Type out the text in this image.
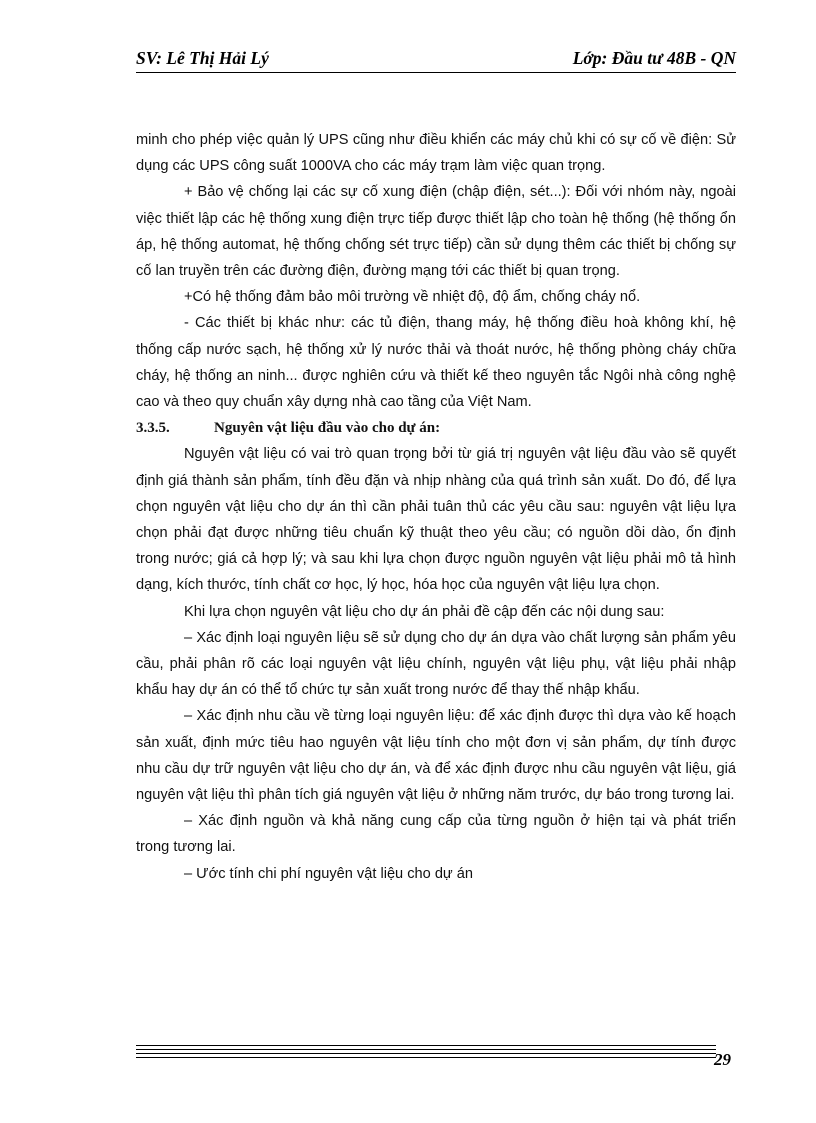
SV: Lê Thị Hải Lý	Lớp: Đầu tư 48B - QN

minh cho phép việc quản lý UPS cũng như điều khiển các máy chủ khi có sự cố về điện: Sử dụng các UPS công suất 1000VA cho các máy trạm làm việc quan trọng.

+ Bảo vệ chống lại các sự cố xung điện (chập điện, sét...): Đối với nhóm này, ngoài việc thiết lập các hệ thống xung điện trực tiếp được thiết lập cho toàn hệ thống (hệ thống ổn áp, hệ thống automat, hệ thống chống sét trực tiếp) cần sử dụng thêm các thiết bị chống sự cố lan truyền trên các đường điện, đường mạng tới các thiết bị quan trọng.

+Có hệ thống đảm bảo môi trường về nhiệt độ, độ ẩm, chống cháy nổ.

- Các thiết bị khác như: các tủ điện, thang máy, hệ thống điều hoà không khí, hệ thống cấp nước sạch, hệ thống xử lý nước thải và thoát nước, hệ thống phòng cháy chữa cháy, hệ thống an ninh... được nghiên cứu và thiết kế theo nguyên tắc Ngôi nhà công nghệ cao và theo quy chuẩn xây dựng nhà cao tầng của Việt Nam.

3.3.5.	Nguyên vật liệu đầu vào cho dự án:

Nguyên vật liệu có vai trò quan trọng bởi từ giá trị nguyên vật liệu đầu vào sẽ quyết định giá thành sản phẩm, tính đều đặn và nhịp nhàng của quá trình sản xuất. Do đó, để lựa chọn nguyên vật liệu cho dự án thì cần phải tuân thủ các yêu cầu sau: nguyên vật liệu lựa chọn phải đạt được những tiêu chuẩn kỹ thuật theo yêu cầu; có nguồn dồi dào, ổn định trong nước; giá cả hợp lý; và sau khi lựa chọn được nguồn nguyên vật liệu phải mô tả hình dạng, kích thước, tính chất cơ học, lý học, hóa học của nguyên vật liệu lựa chọn.

Khi lựa chọn nguyên vật liệu cho dự án phải đề cập đến các nội dung sau:

– Xác định loại nguyên liệu sẽ sử dụng cho dự án dựa vào chất lượng sản phẩm yêu cầu, phải phân rõ các loại nguyên vật liệu chính, nguyên vật liệu phụ, vật liệu phải nhập khẩu hay dự án có thể tổ chức tự sản xuất trong nước để thay thế nhập khẩu.

– Xác định nhu cầu về từng loại nguyên liệu: để xác định được thì dựa vào kế hoạch sản xuất, định mức tiêu hao nguyên vật liệu tính cho một đơn vị sản phẩm, dự tính được nhu cầu dự trữ nguyên vật liệu cho dự án, và để xác định được nhu cầu nguyên vật liệu, giá nguyên vật liệu thì phân tích giá nguyên vật liệu ở những năm trước, dự báo trong tương lai.

– Xác định nguồn và khả năng cung cấp của từng nguồn ở hiện tại và phát triển trong tương lai.

– Ước tính chi phí nguyên vật liệu cho dự án

29
